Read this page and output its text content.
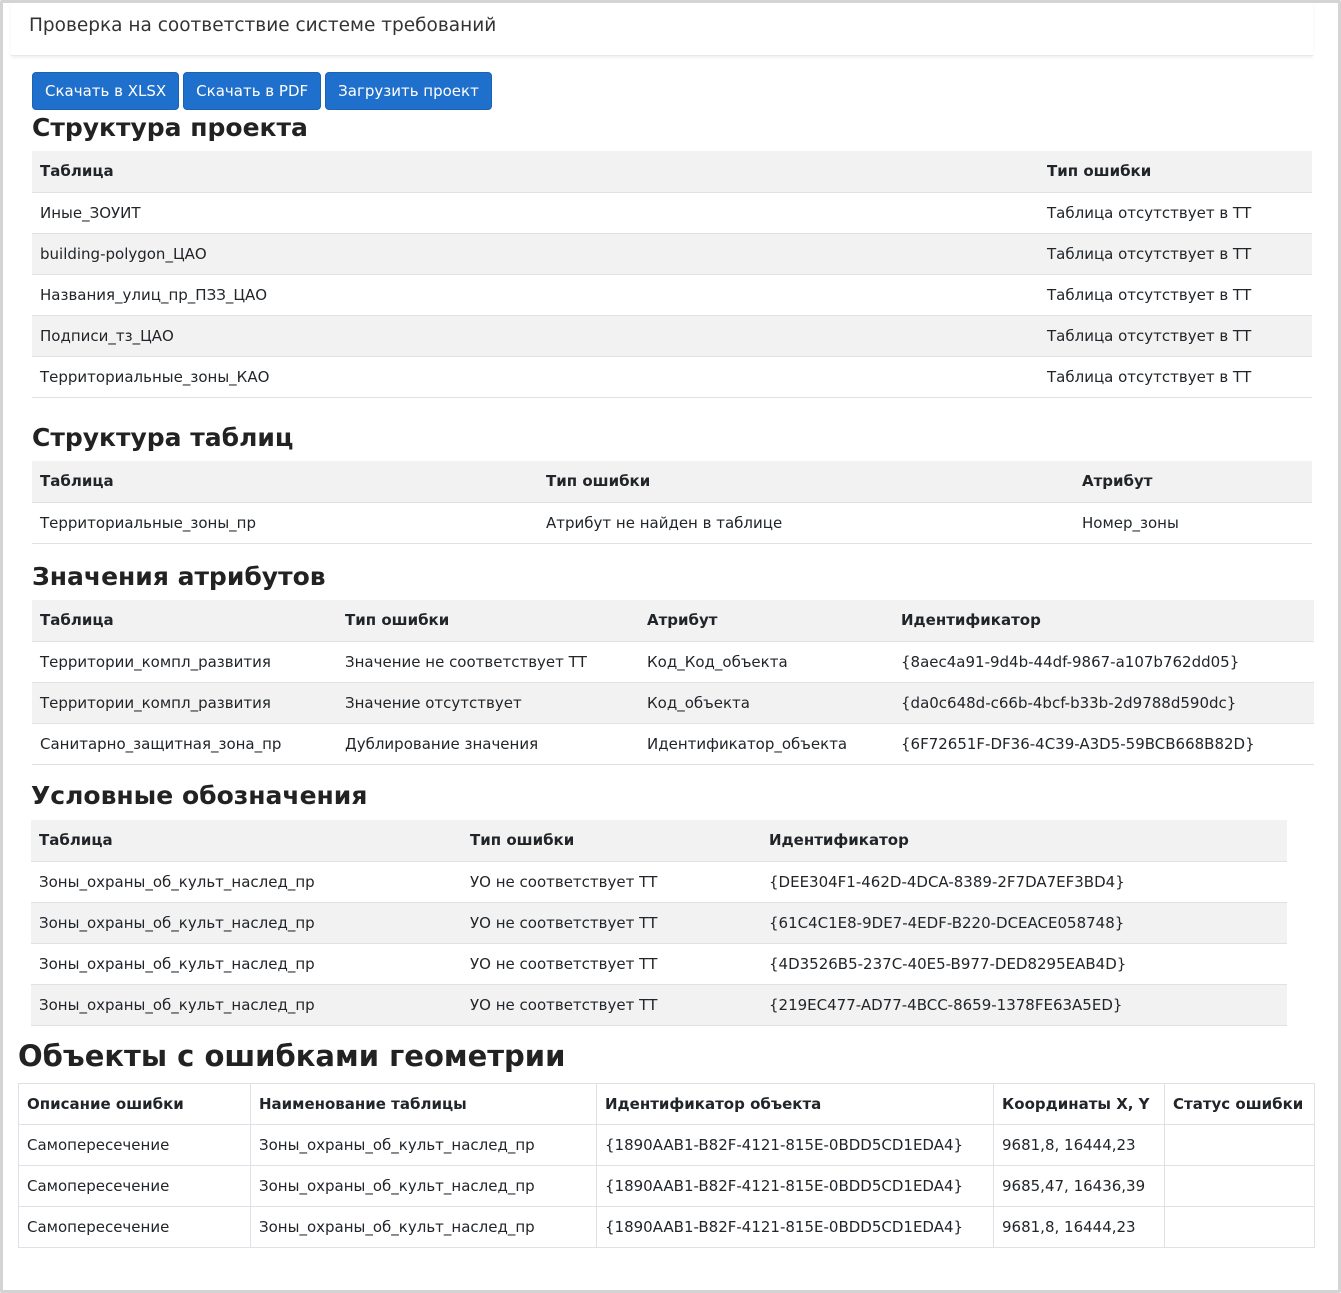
Проверка на соответствие системе требований
Скачать в XLSX	Скачать в PDF	Загрузить проект
Структура проекта
Таблица	Тип ошибки
Иные_ЗОУИТ	Таблица отсутствует в ТТ
building-polygon_ЦАО	Таблица отсутствует в ТТ
Названия_улиц_пр_ПЗЗ_ЦАО	Таблица отсутствует в ТТ
Подписи_тз_ЦАО	Таблица отсутствует в ТТ
Территориальные_зоны_КАО	Таблица отсутствует в ТТ
Структура таблиц
Таблица	Тип ошибки	Атрибут
Территориальные_зоны_пр	Атрибут не найден в таблице	Номер_зоны
Значения атрибутов
Таблица	Тип ошибки	Атрибут	Идентификатор
Территории_компл_развития	Значение не соответствует ТТ	Код_Код_объекта	{8aec4a91-9d4b-44df-9867-a107b762dd05}
Территории_компл_развития	Значение отсутствует	Код_объекта	{da0c648d-c66b-4bcf-b33b-2d9788d590dc}
Санитарно_защитная_зона_пр	Дублирование значения	Идентификатор_объекта	{6F72651F-DF36-4C39-A3D5-59BCB668B82D}
Условные обозначения
Таблица	Тип ошибки	Идентификатор
Зоны_охраны_об_культ_наслед_пр	УО не соответствует ТТ	{DEE304F1-462D-4DCA-8389-2F7DA7EF3BD4}
Зоны_охраны_об_культ_наслед_пр	УО не соответствует ТТ	{61C4C1E8-9DE7-4EDF-B220-DCEACE058748}
Зоны_охраны_об_культ_наслед_пр	УО не соответствует ТТ	{4D3526B5-237C-40E5-B977-DED8295EAB4D}
Зоны_охраны_об_культ_наслед_пр	УО не соответствует ТТ	{219EC477-AD77-4BCC-8659-1378FE63A5ED}
Объекты с ошибками геометрии
Описание ошибки	Наименование таблицы	Идентификатор объекта	Координаты X, Y	Статус ошибки
Самопересечение	Зоны_охраны_об_культ_наслед_пр	{1890AAB1-B82F-4121-815E-0BDD5CD1EDA4}	9681,8, 16444,23	
Самопересечение	Зоны_охраны_об_культ_наслед_пр	{1890AAB1-B82F-4121-815E-0BDD5CD1EDA4}	9685,47, 16436,39	
Самопересечение	Зоны_охраны_об_культ_наслед_пр	{1890AAB1-B82F-4121-815E-0BDD5CD1EDA4}	9681,8, 16444,23	
